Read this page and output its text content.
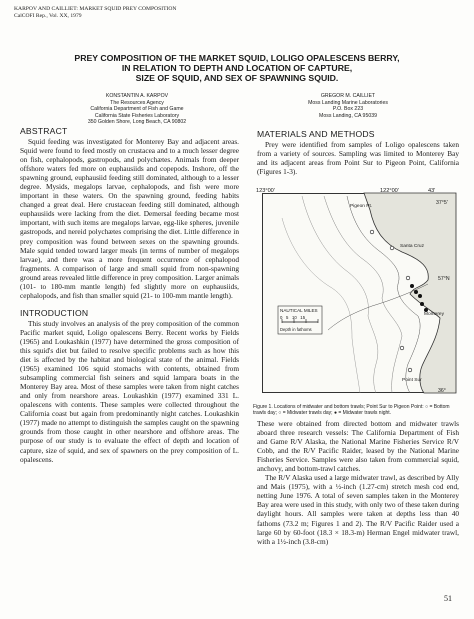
KARPOV AND CAILLIET: MARKET SQUID PREY COMPOSITION
CalCOFI Rep., Vol. XX, 1979
PREY COMPOSITION OF THE MARKET SQUID, LOLIGO OPALESCENS BERRY,
IN RELATION TO DEPTH AND LOCATION OF CAPTURE,
SIZE OF SQUID, AND SEX OF SPAWNING SQUID.
KONSTANTIN A. KARPOV
The Resources Agency
California Department of Fish and Game
California State Fisheries Laboratory
350 Golden Shore, Long Beach, CA 90802
GREGOR M. CAILLIET
Moss Landing Marine Laboratories
P.O. Box 223
Moss Landing, CA 95039
ABSTRACT

Squid feeding was investigated for Monterey Bay and adjacent areas. Squid were found to feed mostly on crustacea and to a much lesser degree on fish, cephalopods, gastropods, and polychætes. Animals from deeper offshore waters fed more on euphausiids and copepods. Inshore, off the spawning ground, euphausiid feeding still dominated, although to a lesser degree. Mysids, megalops larvae, cephalopods, and fish were more important in these waters. On the spawning ground, feeding habits changed a great deal. Here crustacean feeding still dominated, although euphausiids were lacking from the diet. Demersal feeding became most important, with such items are megalops larvae, egg-like spheres, juvenile gastropods, and nereid polychætes comprising the diet. Little difference in prey composition was found between sexes on the spawning grounds. Male squid tended toward larger meals (in terms of number of megalops larvae), and there was a more frequent occurrence of cephalopod fragments. A comparison of large and small squid from non-spawning ground areas revealed little difference in prey composition. Larger animals (101- to 180-mm mantle length) fed slightly more on euphausiids, cephalopods, and fish than smaller squid (21- to 100-mm mantle length).

INTRODUCTION

This study involves an analysis of the prey composition of the common Pacific market squid, Loligo opalescens Berry. Recent works by Fields (1965) and Loukashkin (1977) have determined the gross composition of this squid's diet but failed to resolve specific problems such as how this diet is affected by the habitat and biological state of the animal. Fields (1965) examined 106 squid stomachs with contents, obtained from subsampling commercial fish seiners and squid lampara boats in the Monterey Bay area. Most of these samples were taken from night catches and only from nearshore areas. Loukashkin (1977) examined 331 L. opalescens with contents. These samples were collected throughout the California coast but again from predominantly night catches. Loukashkin (1977) made no attempt to distinguish the samples caught on the spawning grounds from those caught in other nearshore and offshore areas. The purpose of our study is to evaluate the effect of depth and location of capture, size of squid, and sex of spawners on the prey composition of L. opalescens.

MATERIALS AND METHODS

Prey were identified from samples of Loligo opalescens taken from a variety of sources. Sampling was limited to Monterey Bay and its adjacent areas from Point Sur to Pigeon Point, California (Figures 1-3).

123°00'	122°00'	43'
37°5'
57°N
36°
Pigeon Pt.
Santa Cruz
Monterey
Point Sur
NAUTICAL MILES
0   5   10   15
Depth in fathoms
Figure 1. Locations of midwater and bottom trawls; Point Sur to Pigeon Point: ○ = Bottom trawls day; ○ = Midwater trawls day; ● = Midwater trawls night.

These were obtained from directed bottom and midwater trawls aboard three research vessels: The California Department of Fish and Game R/V Alaska, the National Marine Fisheries Service R/V Cobb, and the R/V Pacific Raider, leased by the National Marine Fisheries Service. Samples were also taken from commercial squid, anchovy, and bottom-trawl catches.

The R/V Alaska used a large midwater trawl, as described by Ally and Mais (1975), with a ½-inch (1.27-cm) stretch mesh cod end, netting June 1976. A total of seven samples taken in the Monterey Bay area were used in this study, with only two of these taken during daylight hours. All samples were taken at depths less than 40 fathoms (73.2 m; Figures 1 and 2). The R/V Pacific Raider used a large 60 by 60-foot (18.3 × 18.3-m) Herman Engel midwater trawl, with a 1½-inch (3.8-cm)

51
